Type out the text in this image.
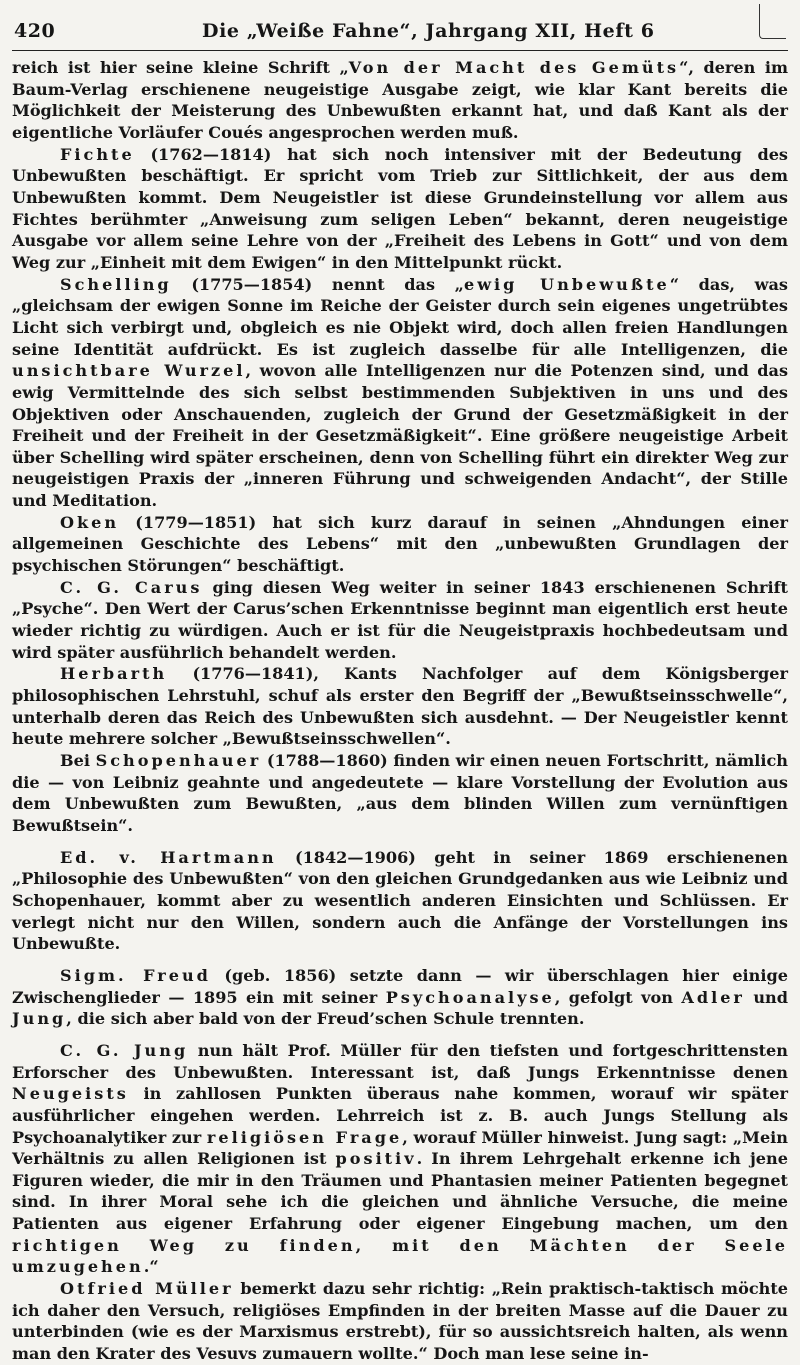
420	Die „Weiße Fahne“, Jahrgang XII, Heft 6

reich ist hier seine kleine Schrift „Von der Macht des Gemüts“, deren im Baum-Verlag erschienene neugeistige Ausgabe zeigt, wie klar Kant bereits die Möglichkeit der Meisterung des Unbewußten erkannt hat, und daß Kant als der eigentliche Vorläufer Coués angesprochen werden muß.

Fichte (1762—1814) hat sich noch intensiver mit der Bedeutung des Unbewußten beschäftigt. Er spricht vom Trieb zur Sittlichkeit, der aus dem Unbewußten kommt. Dem Neugeistler ist diese Grundeinstellung vor allem aus Fichtes berühmter „Anweisung zum seligen Leben“ bekannt, deren neugeistige Ausgabe vor allem seine Lehre von der „Freiheit des Lebens in Gott“ und von dem Weg zur „Einheit mit dem Ewigen“ in den Mittelpunkt rückt.

Schelling (1775—1854) nennt das „ewig Unbewußte“ das, was „gleichsam der ewigen Sonne im Reiche der Geister durch sein eigenes ungetrübtes Licht sich verbirgt und, obgleich es nie Objekt wird, doch allen freien Handlungen seine Identität aufdrückt. Es ist zugleich dasselbe für alle Intelligenzen, die unsichtbare Wurzel, wovon alle Intelligenzen nur die Potenzen sind, und das ewig Vermittelnde des sich selbst bestimmenden Subjektiven in uns und des Objektiven oder Anschauenden, zugleich der Grund der Gesetzmäßigkeit in der Freiheit und der Freiheit in der Gesetzmäßigkeit“. Eine größere neugeistige Arbeit über Schelling wird später erscheinen, denn von Schelling führt ein direkter Weg zur neugeistigen Praxis der „inneren Führung und schweigenden Andacht“, der Stille und Meditation.

Oken (1779—1851) hat sich kurz darauf in seinen „Ahndungen einer allgemeinen Geschichte des Lebens“ mit den „unbewußten Grundlagen der psychischen Störungen“ beschäftigt.

C. G. Carus ging diesen Weg weiter in seiner 1843 erschienenen Schrift „Psyche“. Den Wert der Carus’schen Erkenntnisse beginnt man eigentlich erst heute wieder richtig zu würdigen. Auch er ist für die Neugeistpraxis hochbedeutsam und wird später ausführlich behandelt werden.

Herbarth (1776—1841), Kants Nachfolger auf dem Königsberger philosophischen Lehrstuhl, schuf als erster den Begriff der „Bewußtseinsschwelle“, unterhalb deren das Reich des Unbewußten sich ausdehnt. — Der Neugeistler kennt heute mehrere solcher „Bewußtseinsschwellen“.

Bei Schopenhauer (1788—1860) finden wir einen neuen Fortschritt, nämlich die — von Leibniz geahnte und angedeutete — klare Vorstellung der Evolution aus dem Unbewußten zum Bewußten, „aus dem blinden Willen zum vernünftigen Bewußtsein“.

Ed. v. Hartmann (1842—1906) geht in seiner 1869 erschienenen „Philosophie des Unbewußten“ von den gleichen Grundgedanken aus wie Leibniz und Schopenhauer, kommt aber zu wesentlich anderen Einsichten und Schlüssen. Er verlegt nicht nur den Willen, sondern auch die Anfänge der Vorstellungen ins Unbewußte.

Sigm. Freud (geb. 1856) setzte dann — wir überschlagen hier einige Zwischenglieder — 1895 ein mit seiner Psychoanalyse, gefolgt von Adler und Jung, die sich aber bald von der Freud’schen Schule trennten.

C. G. Jung nun hält Prof. Müller für den tiefsten und fortgeschrittensten Erforscher des Unbewußten. Interessant ist, daß Jungs Erkenntnisse denen Neugeists in zahllosen Punkten überaus nahe kommen, worauf wir später ausführlicher eingehen werden. Lehrreich ist z. B. auch Jungs Stellung als Psychoanalytiker zur religiösen Frage, worauf Müller hinweist. Jung sagt: „Mein Verhältnis zu allen Religionen ist positiv. In ihrem Lehrgehalt erkenne ich jene Figuren wieder, die mir in den Träumen und Phantasien meiner Patienten begegnet sind. In ihrer Moral sehe ich die gleichen und ähnliche Versuche, die meine Patienten aus eigener Erfahrung oder eigener Eingebung machen, um den richtigen Weg zu finden, mit den Mächten der Seele umzugehen.“

Otfried Müller bemerkt dazu sehr richtig: „Rein praktisch-taktisch möchte ich daher den Versuch, religiöses Empfinden in der breiten Masse auf die Dauer zu unterbinden (wie es der Marxismus erstrebt), für so aussichtsreich halten, als wenn man den Krater des Vesuvs zumauern wollte.“ Doch man lese seine in-
